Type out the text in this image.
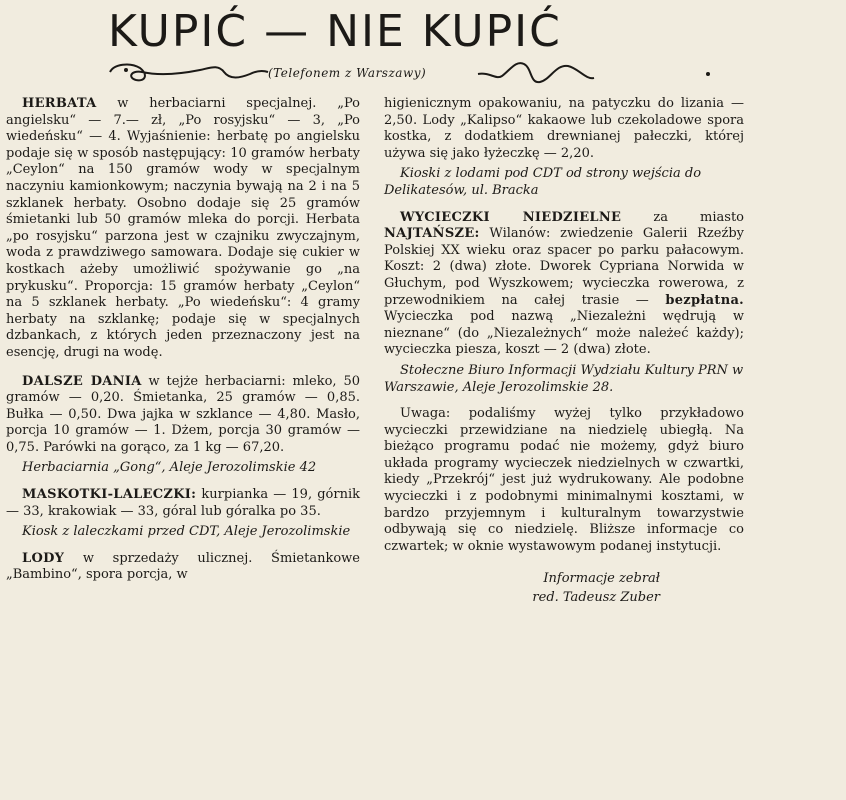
KUPIĆ — NIE KUPIĆ
(Telefonem z Warszawy)

HERBATA w herbaciarni specjalnej. „Po angielsku“ — 7.— zł, „Po rosyjsku“ — 3, „Po wiedeńsku“ — 4. Wyjaśnienie: herbatę po angielsku podaje się w sposób następujący: 10 gramów herbaty „Ceylon“ na 150 gramów wody w specjalnym naczyniu kamionkowym; naczynia bywają na 2 i na 5 szklanek herbaty. Osobno dodaje się 25 gramów śmietanki lub 50 gramów mleka do porcji. Herbata „po rosyjsku“ parzona jest w czajniku zwyczajnym, woda z prawdziwego samowara. Dodaje się cukier w kostkach ażeby umożliwić spożywanie go „na prykusku“. Proporcja: 15 gramów herbaty „Ceylon“ na 5 szklanek herbaty. „Po wiedeńsku“: 4 gramy herbaty na szklankę; podaje się w specjalnych dzbankach, z których jeden przeznaczony jest na esencję, drugi na wodę.

DALSZE DANIA w tejże herbaciarni: mleko, 50 gramów — 0,20. Śmietanka, 25 gramów — 0,85. Bułka — 0,50. Dwa jajka w szklance — 4,80. Masło, porcja 10 gramów — 1. Dżem, porcja 30 gramów — 0,75. Parówki na gorąco, za 1 kg — 67,20.

Herbaciarnia „Gong“, Aleje Jerozolimskie 42

MASKOTKI-LALECZKI: kurpianka — 19, górnik — 33, krakowiak — 33, góral lub góralka po 35.

Kiosk z laleczkami przed CDT, Aleje Jerozolimskie

LODY w sprzedaży ulicznej. Śmietankowe „Bambino“, spora porcja, w

higienicznym opakowaniu, na patyczku do lizania — 2,50. Lody „Kalipso“ kakaowe lub czekoladowe spora kostka, z dodatkiem drewnianej pałeczki, której używa się jako łyżeczkę — 2,20.

Kioski z lodami pod CDT od strony wejścia do Delikatesów, ul. Bracka

WYCIECZKI NIEDZIELNE za miasto NAJTAŃSZE: Wilanów: zwiedzenie Galerii Rzeźby Polskiej XX wieku oraz spacer po parku pałacowym. Koszt: 2 (dwa) złote. Dworek Cypriana Norwida w Głuchym, pod Wyszkowem; wycieczka rowerowa, z przewodnikiem na całej trasie — bezpłatna. Wycieczka pod nazwą „Niezależni wędrują w nieznane“ (do „Niezależnych“ może należeć każdy); wycieczka piesza, koszt — 2 (dwa) złote.

Stołeczne Biuro Informacji Wydziału Kultury PRN w Warszawie, Aleje Jerozolimskie 28.

Uwaga: podaliśmy wyżej tylko przykładowo wycieczki przewidziane na niedzielę ubiegłą. Na bieżąco programu podać nie możemy, gdyż biuro układa programy wycieczek niedzielnych w czwartki, kiedy „Przekrój“ jest już wydrukowany. Ale podobne wycieczki i z podobnymi minimalnymi kosztami, w bardzo przyjemnym i kulturalnym towarzystwie odbywają się co niedzielę. Bliższe informacje co czwartek; w oknie wystawowym podanej instytucji.

Informacje zebrał
red. Tadeusz Zuber
